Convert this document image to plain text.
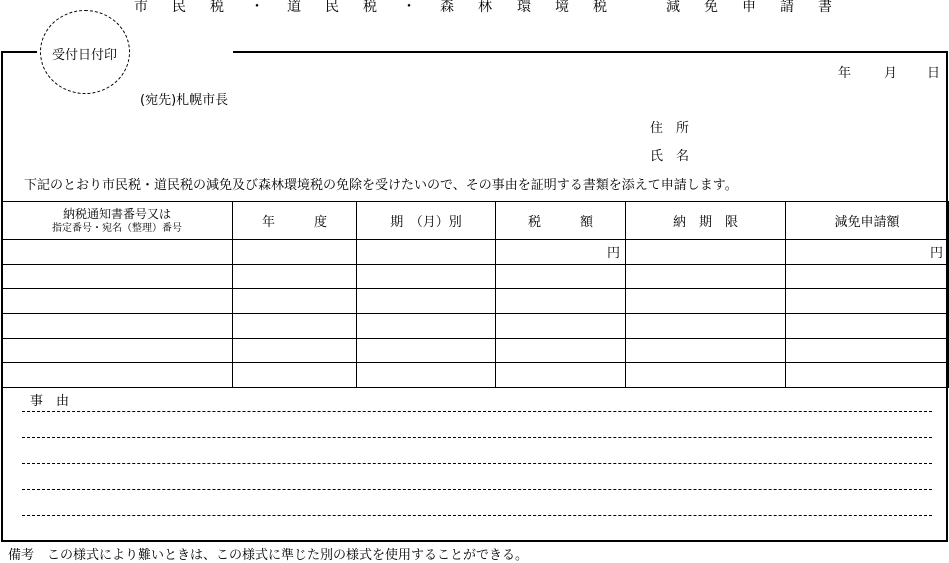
市 民 税 ・ 道 民 税 ・ 森 林 環 境 税	減 免 申 請 書
受付日付印
年	月 日
(宛先)札幌市長
住　所
氏　名
下記のとおり市民税・道民税の減免及び森林環境税の免除を受けたいので、その事由を証明する書類を添えて申請します。
納税通知書番号又は
指定番号・宛名（整理）番号	年　　　度	期　（月）別	税　　　額	納　期　限	減免申請額
			円		円

事　由
備考　この様式により難いときは、この様式に準じた別の様式を使用することができる。
